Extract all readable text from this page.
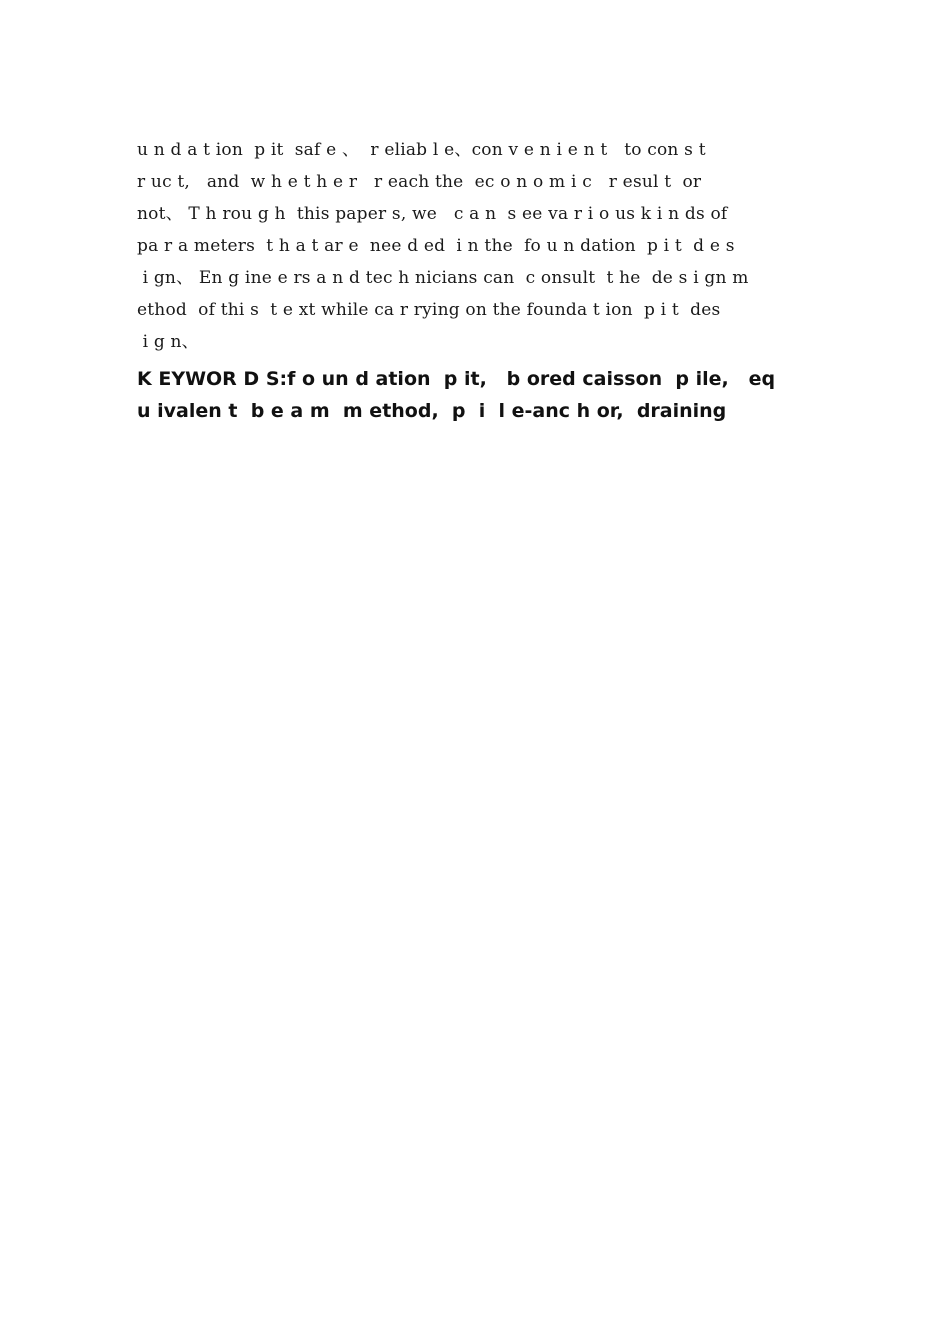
u n d a t ion  p it  saf e 、  r eliab l e、con v e n i e n t   to con s t
r uc t,   and  w h e t h e r   r each the  ec o n o m i c   r esul t  or
not、 T h rou g h  this paper s, we   c a n  s ee va r i o us k i n ds of
pa r a meters  t h a t ar e  nee d ed  i n the  fo u n dation  p i t  d e s
i gn、 En g ine e rs a n d tec h nicians can  c onsult  t he  de s i gn m
ethod  of thi s  t e xt while ca r rying on the founda t ion  p i t  des
i g n、
K EYWOR D S:f o un d ation  p it,   b ored caisson  p ile,   eq
u ivalen t  b e a m  m ethod,  p  i  l e-anc h or,  draining
